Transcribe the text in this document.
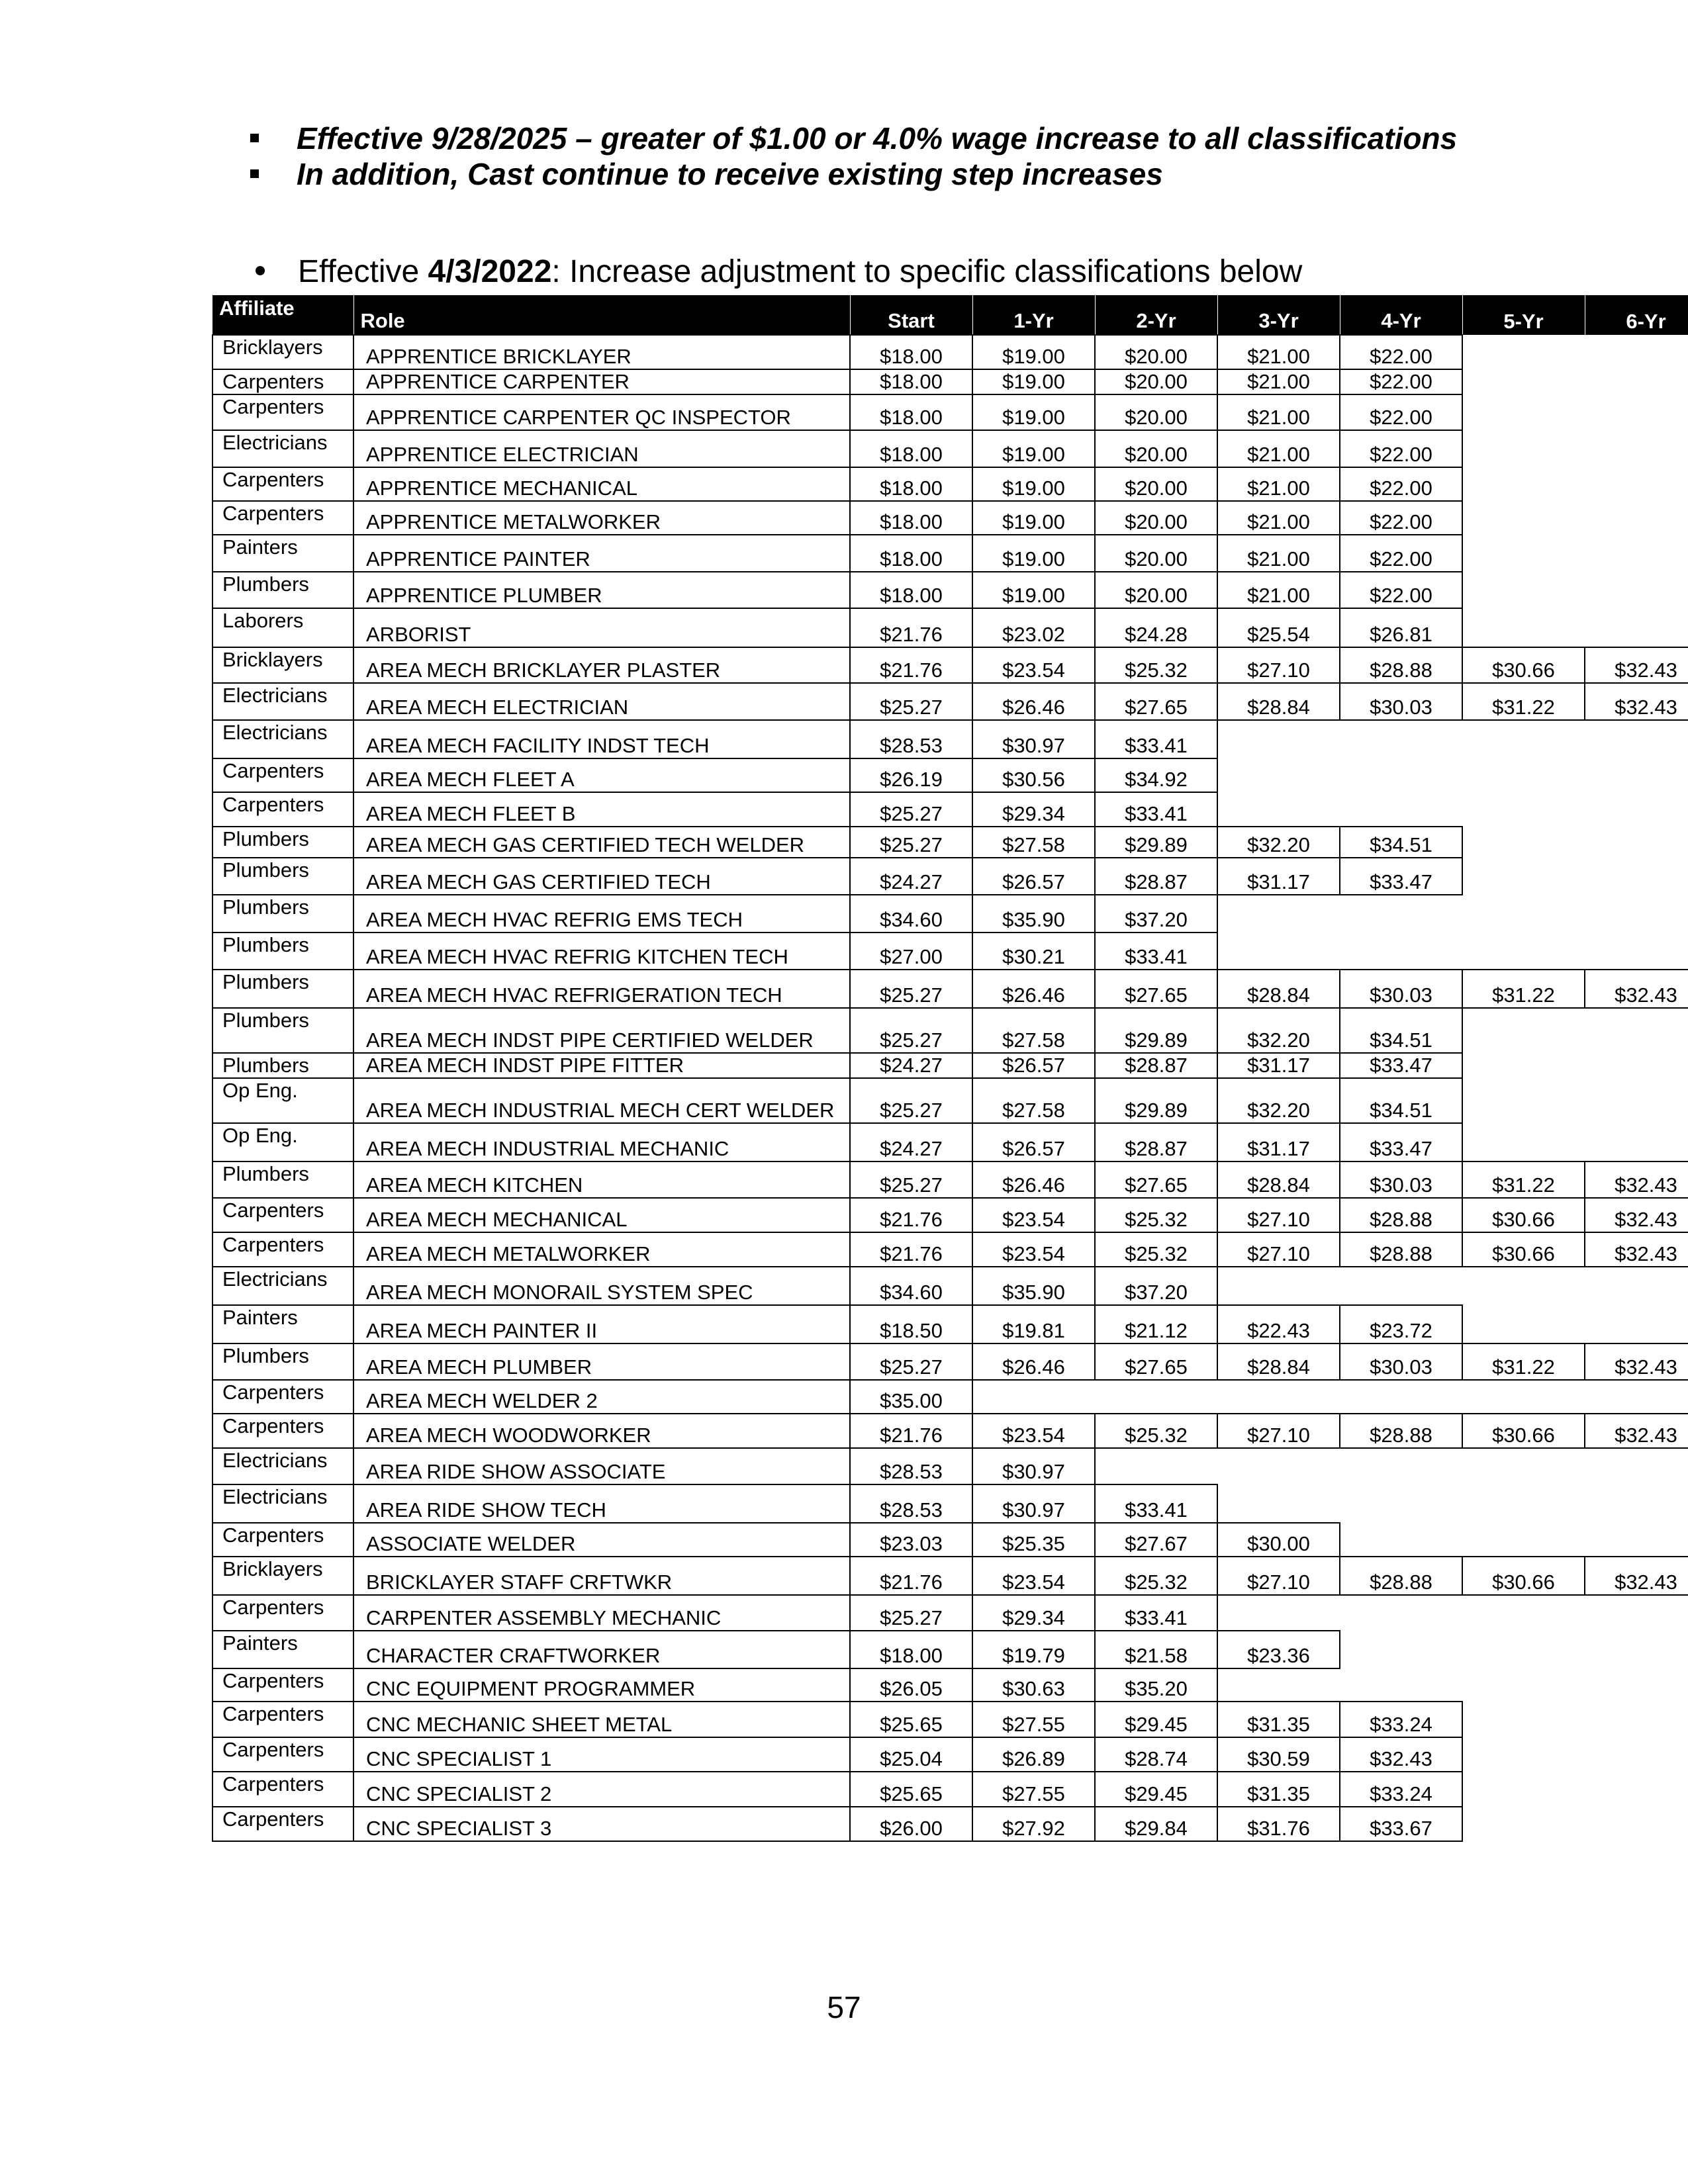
Effective 9/28/2025 – greater of $1.00 or 4.0% wage increase to all classifications
In addition, Cast continue to receive existing step increases
Effective 4/3/2022: Increase adjustment to specific classifications below
Affiliate	Role	Start	1-Yr	2-Yr	3-Yr	4-Yr	5-Yr	6-Yr
Bricklayers	APPRENTICE BRICKLAYER	$18.00	$19.00	$20.00	$21.00	$22.00		
Carpenters	APPRENTICE CARPENTER	$18.00	$19.00	$20.00	$21.00	$22.00		
Carpenters	APPRENTICE CARPENTER QC INSPECTOR	$18.00	$19.00	$20.00	$21.00	$22.00		
Electricians	APPRENTICE ELECTRICIAN	$18.00	$19.00	$20.00	$21.00	$22.00		
Carpenters	APPRENTICE MECHANICAL	$18.00	$19.00	$20.00	$21.00	$22.00		
Carpenters	APPRENTICE METALWORKER	$18.00	$19.00	$20.00	$21.00	$22.00		
Painters	APPRENTICE PAINTER	$18.00	$19.00	$20.00	$21.00	$22.00		
Plumbers	APPRENTICE PLUMBER	$18.00	$19.00	$20.00	$21.00	$22.00		
Laborers	ARBORIST	$21.76	$23.02	$24.28	$25.54	$26.81		
Bricklayers	AREA MECH BRICKLAYER PLASTER	$21.76	$23.54	$25.32	$27.10	$28.88	$30.66	$32.43
Electricians	AREA MECH ELECTRICIAN	$25.27	$26.46	$27.65	$28.84	$30.03	$31.22	$32.43
Electricians	AREA MECH FACILITY INDST TECH	$28.53	$30.97	$33.41				
Carpenters	AREA MECH FLEET A	$26.19	$30.56	$34.92				
Carpenters	AREA MECH FLEET B	$25.27	$29.34	$33.41				
Plumbers	AREA MECH GAS CERTIFIED TECH WELDER	$25.27	$27.58	$29.89	$32.20	$34.51		
Plumbers	AREA MECH GAS CERTIFIED TECH	$24.27	$26.57	$28.87	$31.17	$33.47		
Plumbers	AREA MECH HVAC REFRIG EMS TECH	$34.60	$35.90	$37.20				
Plumbers	AREA MECH HVAC REFRIG KITCHEN TECH	$27.00	$30.21	$33.41				
Plumbers	AREA MECH HVAC REFRIGERATION TECH	$25.27	$26.46	$27.65	$28.84	$30.03	$31.22	$32.43
Plumbers	AREA MECH INDST PIPE CERTIFIED WELDER	$25.27	$27.58	$29.89	$32.20	$34.51		
Plumbers	AREA MECH INDST PIPE FITTER	$24.27	$26.57	$28.87	$31.17	$33.47		
Op Eng.	AREA MECH INDUSTRIAL MECH CERT WELDER	$25.27	$27.58	$29.89	$32.20	$34.51		
Op Eng.	AREA MECH INDUSTRIAL MECHANIC	$24.27	$26.57	$28.87	$31.17	$33.47		
Plumbers	AREA MECH KITCHEN	$25.27	$26.46	$27.65	$28.84	$30.03	$31.22	$32.43
Carpenters	AREA MECH MECHANICAL	$21.76	$23.54	$25.32	$27.10	$28.88	$30.66	$32.43
Carpenters	AREA MECH METALWORKER	$21.76	$23.54	$25.32	$27.10	$28.88	$30.66	$32.43
Electricians	AREA MECH MONORAIL SYSTEM SPEC	$34.60	$35.90	$37.20				
Painters	AREA MECH PAINTER II	$18.50	$19.81	$21.12	$22.43	$23.72		
Plumbers	AREA MECH PLUMBER	$25.27	$26.46	$27.65	$28.84	$30.03	$31.22	$32.43
Carpenters	AREA MECH WELDER 2	$35.00						
Carpenters	AREA MECH WOODWORKER	$21.76	$23.54	$25.32	$27.10	$28.88	$30.66	$32.43
Electricians	AREA RIDE SHOW ASSOCIATE	$28.53	$30.97					
Electricians	AREA RIDE SHOW TECH	$28.53	$30.97	$33.41				
Carpenters	ASSOCIATE WELDER	$23.03	$25.35	$27.67	$30.00			
Bricklayers	BRICKLAYER STAFF CRFTWKR	$21.76	$23.54	$25.32	$27.10	$28.88	$30.66	$32.43
Carpenters	CARPENTER ASSEMBLY MECHANIC	$25.27	$29.34	$33.41				
Painters	CHARACTER CRAFTWORKER	$18.00	$19.79	$21.58	$23.36			
Carpenters	CNC EQUIPMENT PROGRAMMER	$26.05	$30.63	$35.20				
Carpenters	CNC MECHANIC SHEET METAL	$25.65	$27.55	$29.45	$31.35	$33.24		
Carpenters	CNC SPECIALIST 1	$25.04	$26.89	$28.74	$30.59	$32.43		
Carpenters	CNC SPECIALIST 2	$25.65	$27.55	$29.45	$31.35	$33.24		
Carpenters	CNC SPECIALIST 3	$26.00	$27.92	$29.84	$31.76	$33.67		
57
